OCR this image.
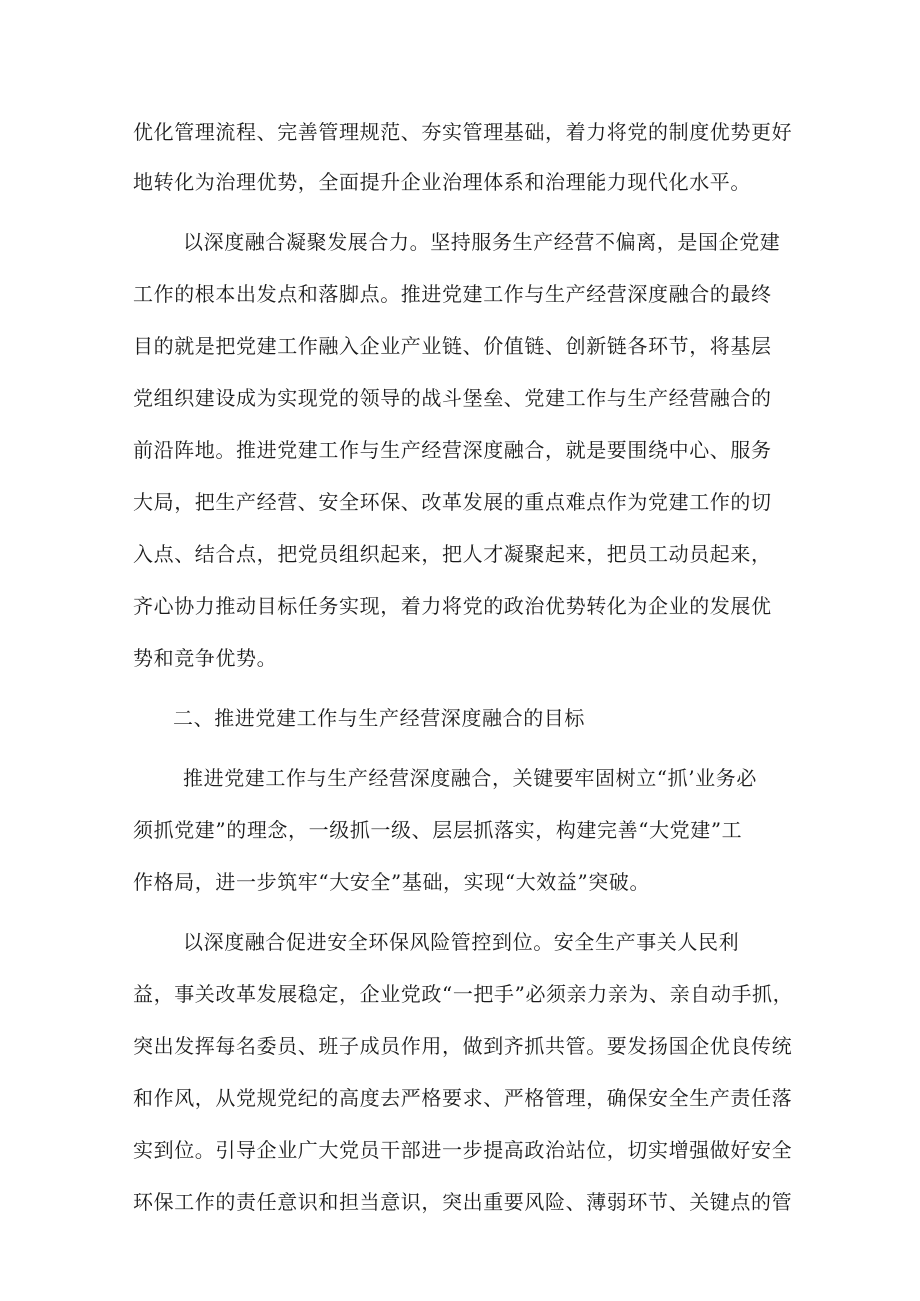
优化管理流程、完善管理规范、夯实管理基础，着力将党的制度优势更好
地转化为治理优势，全面提升企业治理体系和治理能力现代化水平。
以深度融合凝聚发展合力。坚持服务生产经营不偏离，是国企党建
工作的根本出发点和落脚点。推进党建工作与生产经营深度融合的最终
目的就是把党建工作融入企业产业链、价值链、创新链各环节，将基层
党组织建设成为实现党的领导的战斗堡垒、党建工作与生产经营融合的
前沿阵地。推进党建工作与生产经营深度融合，就是要围绕中心、服务
大局，把生产经营、安全环保、改革发展的重点难点作为党建工作的切
入点、结合点，把党员组织起来，把人才凝聚起来，把员工动员起来，
齐心协力推动目标任务实现，着力将党的政治优势转化为企业的发展优
势和竞争优势。
二、推进党建工作与生产经营深度融合的目标
推进党建工作与生产经营深度融合，关键要牢固树立“抓’业务必
须抓党建”的理念，一级抓一级、层层抓落实，构建完善“大党建”工
作格局，进一步筑牢“大安全”基础，实现“大效益”突破。
以深度融合促进安全环保风险管控到位。安全生产事关人民利
益，事关改革发展稳定，企业党政“一把手”必须亲力亲为、亲自动手抓，
突出发挥每名委员、班子成员作用，做到齐抓共管。要发扬国企优良传统
和作风，从党规党纪的高度去严格要求、严格管理，确保安全生产责任落
实到位。引导企业广大党员干部进一步提高政治站位，切实增强做好安全
环保工作的责任意识和担当意识，突出重要风险、薄弱环节、关键点的管
